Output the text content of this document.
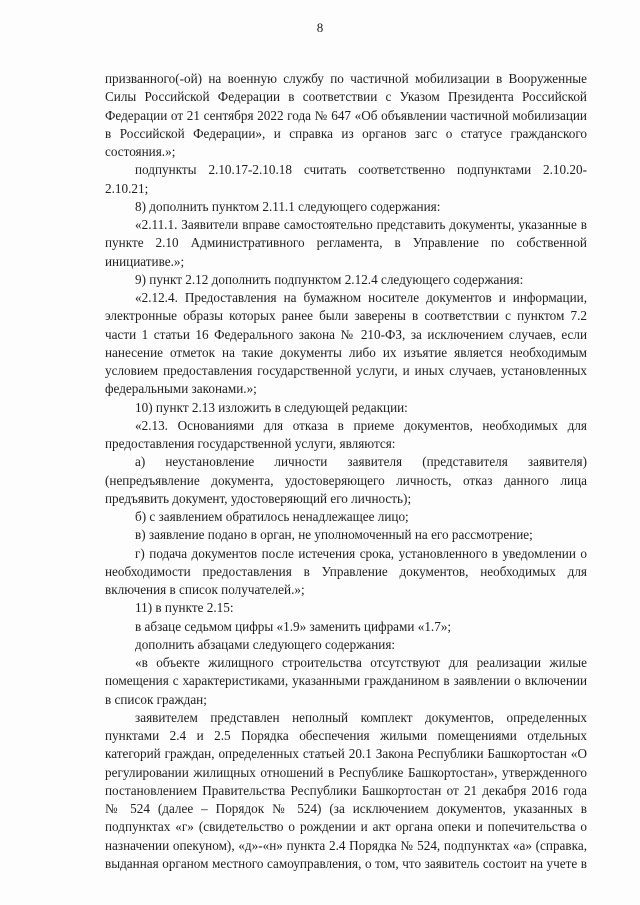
8

призванного(-ой) на военную службу по частичной мобилизации в Вооруженные Силы Российской Федерации в соответствии с Указом Президента Российской Федерации от 21 сентября 2022 года № 647 «Об объявлении частичной мобилизации в Российской Федерации», и справка из органов загс о статусе гражданского состояния.»;

подпункты 2.10.17-2.10.18 считать соответственно подпунктами 2.10.20-2.10.21;

8) дополнить пунктом 2.11.1 следующего содержания:

«2.11.1. Заявители вправе самостоятельно представить документы, указанные в пункте 2.10 Административного регламента, в Управление по собственной инициативе.»;

9) пункт 2.12 дополнить подпунктом 2.12.4 следующего содержания:

«2.12.4. Предоставления на бумажном носителе документов и информации, электронные образы которых ранее были заверены в соответствии с пунктом 7.2 части 1 статьи 16 Федерального закона № 210-ФЗ, за исключением случаев, если нанесение отметок на такие документы либо их изъятие является необходимым условием предоставления государственной услуги, и иных случаев, установленных федеральными законами.»;

10) пункт 2.13 изложить в следующей редакции:

«2.13. Основаниями для отказа в приеме документов, необходимых для предоставления государственной услуги, являются:

а) неустановление личности заявителя (представителя заявителя) (непредъявление документа, удостоверяющего личность, отказ данного лица предъявить документ, удостоверяющий его личность);

б) с заявлением обратилось ненадлежащее лицо;

в) заявление подано в орган, не уполномоченный на его рассмотрение;

г) подача документов после истечения срока, установленного в уведомлении о необходимости предоставления в Управление документов, необходимых для включения в список получателей.»;

11) в пункте 2.15:

в абзаце седьмом цифры «1.9» заменить цифрами «1.7»;

дополнить абзацами следующего содержания:

«в объекте жилищного строительства отсутствуют для реализации жилые помещения с характеристиками, указанными гражданином в заявлении о включении в список граждан;

заявителем представлен неполный комплект документов, определенных пунктами 2.4 и 2.5 Порядка обеспечения жилыми помещениями отдельных категорий граждан, определенных статьей 20.1 Закона Республики Башкортостан «О регулировании жилищных отношений в Республике Башкортостан», утвержденного постановлением Правительства Республики Башкортостан от 21 декабря 2016 года № 524 (далее – Порядок № 524) (за исключением документов, указанных в подпунктах «г» (свидетельство о рождении и акт органа опеки и попечительства о назначении опекуном), «д»-«н» пункта 2.4 Порядка № 524, подпунктах «а» (справка, выданная органом местного самоуправления, о том, что заявитель состоит на учете в
